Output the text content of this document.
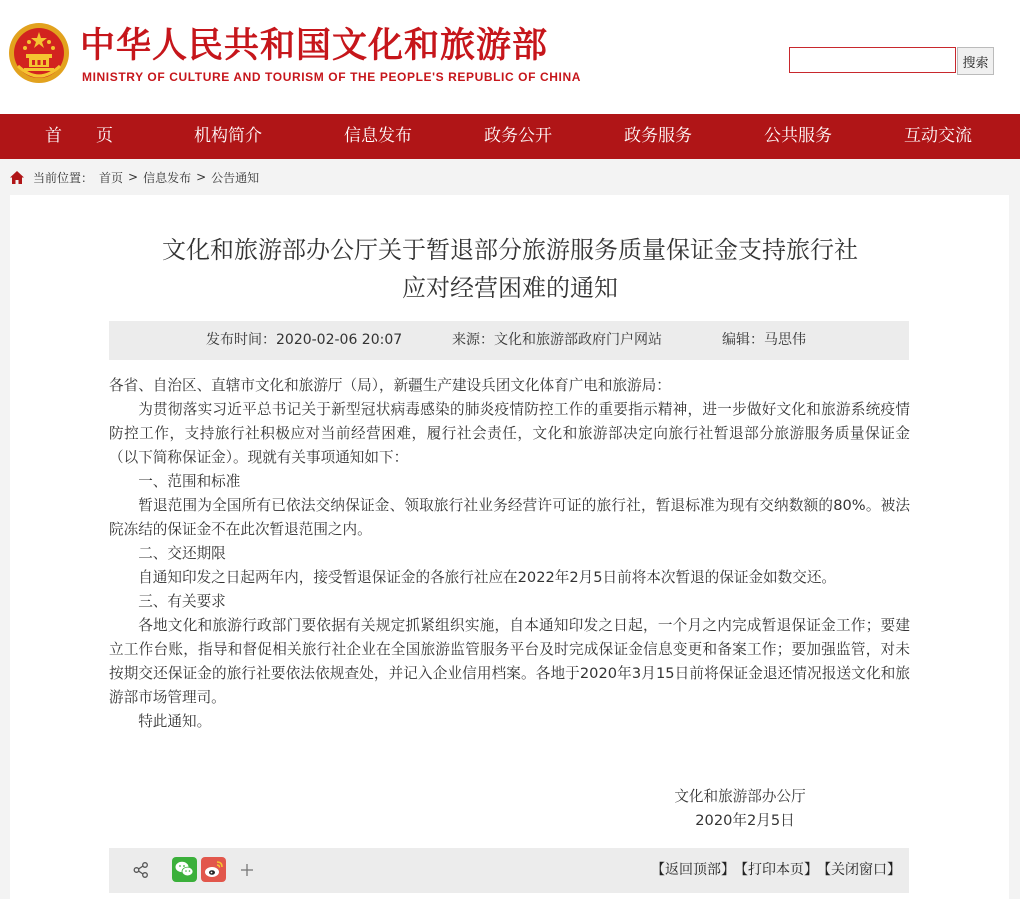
中华人民共和国文化和旅游部
MINISTRY OF CULTURE AND TOURISM OF THE PEOPLE'S REPUBLIC OF CHINA
搜索
首　　页	机构简介	信息发布	政务公开	政务服务	公共服务	互动交流
当前位置： 首页 > 信息发布 > 公告通知
文化和旅游部办公厅关于暂退部分旅游服务质量保证金支持旅行社
应对经营困难的通知
发布时间：2020-02-06 20:07	来源：文化和旅游部政府门户网站	编辑：马思伟

各省、自治区、直辖市文化和旅游厅（局），新疆生产建设兵团文化体育广电和旅游局：

为贯彻落实习近平总书记关于新型冠状病毒感染的肺炎疫情防控工作的重要指示精神，进一步做好文化和旅游系统疫情防控工作，支持旅行社积极应对当前经营困难，履行社会责任，文化和旅游部决定向旅行社暂退部分旅游服务质量保证金（以下简称保证金）。现就有关事项通知如下：

一、范围和标准

暂退范围为全国所有已依法交纳保证金、领取旅行社业务经营许可证的旅行社，暂退标准为现有交纳数额的80%。被法院冻结的保证金不在此次暂退范围之内。

二、交还期限

自通知印发之日起两年内，接受暂退保证金的各旅行社应在2022年2月5日前将本次暂退的保证金如数交还。

三、有关要求

各地文化和旅游行政部门要依据有关规定抓紧组织实施，自本通知印发之日起，一个月之内完成暂退保证金工作；要建立工作台账，指导和督促相关旅行社企业在全国旅游监管服务平台及时完成保证金信息变更和备案工作；要加强监管，对未按期交还保证金的旅行社要依法依规查处，并记入企业信用档案。各地于2020年3月15日前将保证金退还情况报送文化和旅游部市场管理司。

特此通知。

文化和旅游部办公厅
2020年2月5日
【返回顶部】 【打印本页】 【关闭窗口】
